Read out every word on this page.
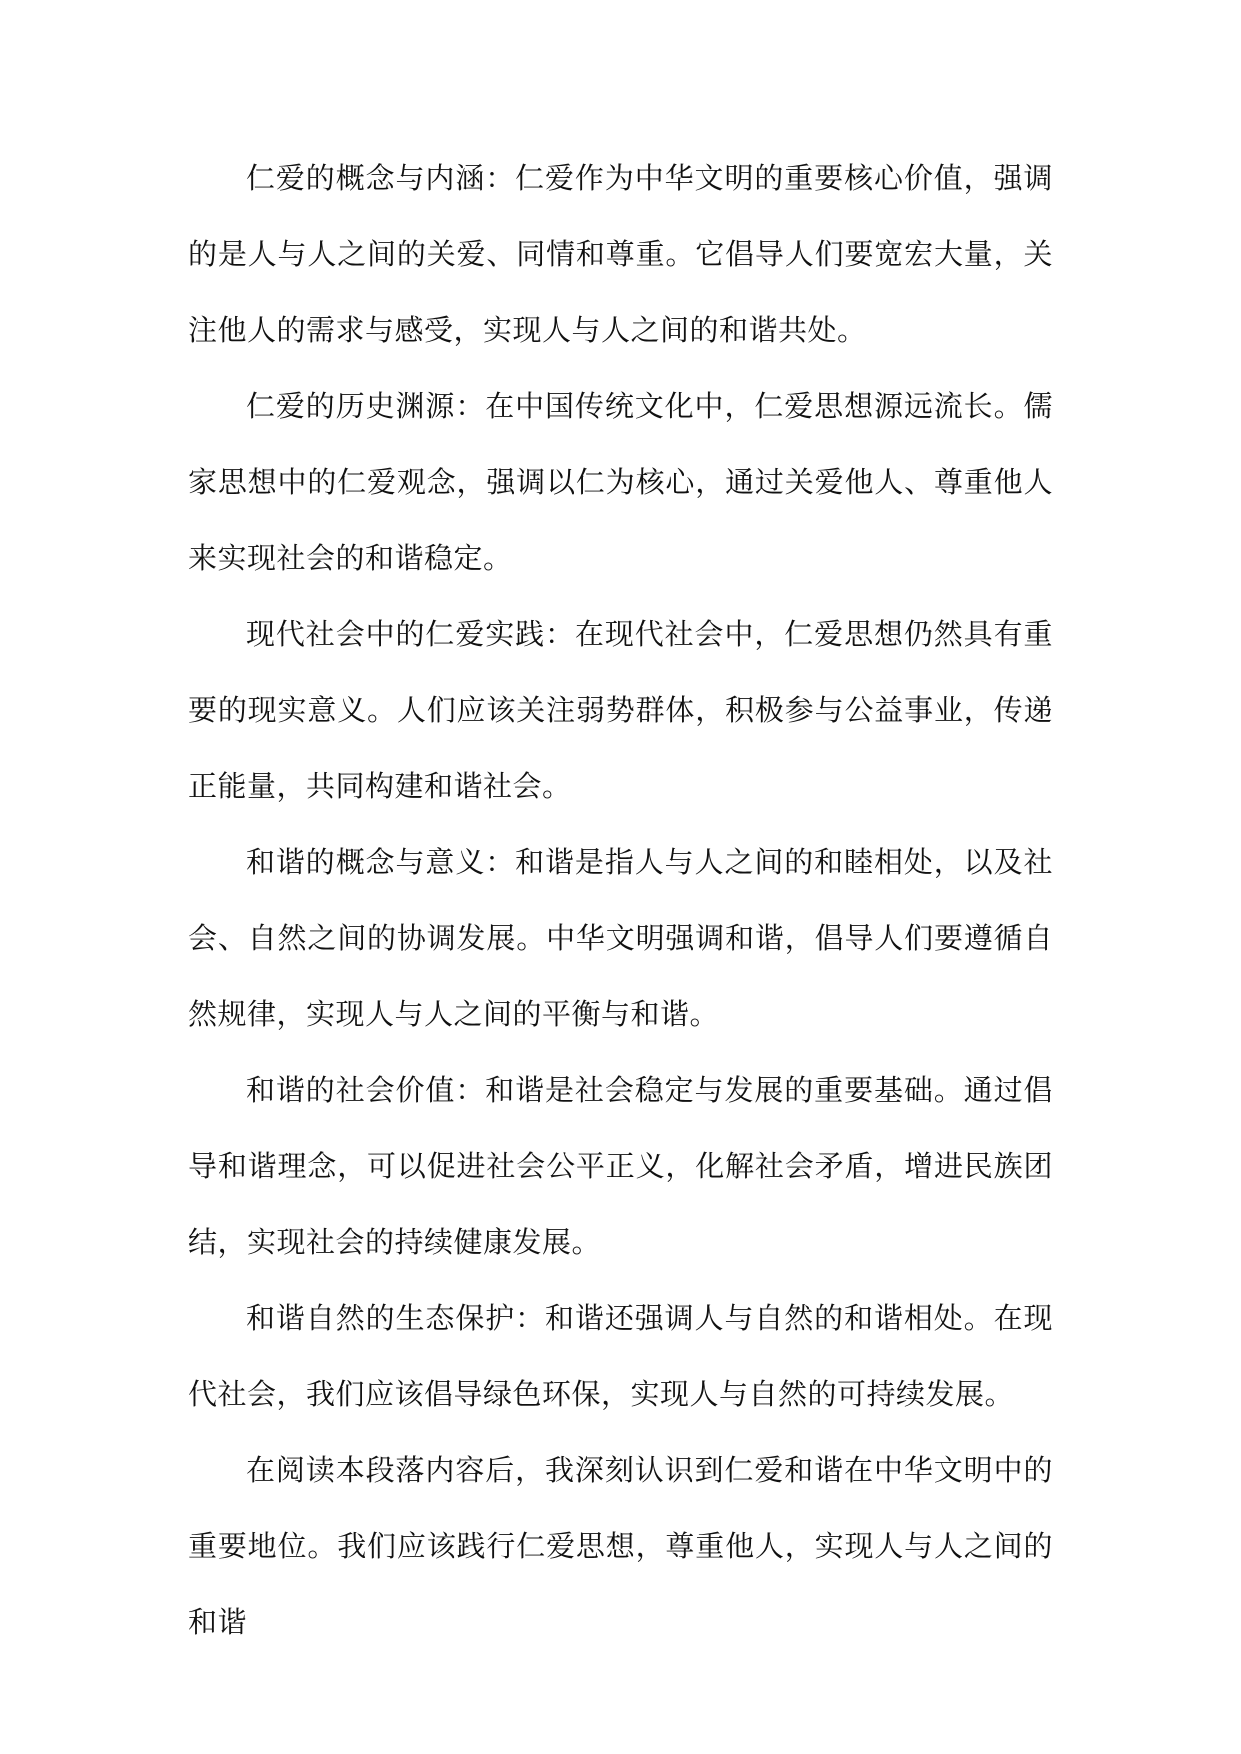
仁爱的概念与内涵：仁爱作为中华文明的重要核心价值，强调的是人与人之间的关爱、同情和尊重。它倡导人们要宽宏大量，关注他人的需求与感受，实现人与人之间的和谐共处。

仁爱的历史渊源：在中国传统文化中，仁爱思想源远流长。儒家思想中的仁爱观念，强调以仁为核心，通过关爱他人、尊重他人来实现社会的和谐稳定。

现代社会中的仁爱实践：在现代社会中，仁爱思想仍然具有重要的现实意义。人们应该关注弱势群体，积极参与公益事业，传递正能量，共同构建和谐社会。

和谐的概念与意义：和谐是指人与人之间的和睦相处，以及社会、自然之间的协调发展。中华文明强调和谐，倡导人们要遵循自然规律，实现人与人之间的平衡与和谐。

和谐的社会价值：和谐是社会稳定与发展的重要基础。通过倡导和谐理念，可以促进社会公平正义，化解社会矛盾，增进民族团结，实现社会的持续健康发展。

和谐自然的生态保护：和谐还强调人与自然的和谐相处。在现代社会，我们应该倡导绿色环保，实现人与自然的可持续发展。

在阅读本段落内容后，我深刻认识到仁爱和谐在中华文明中的重要地位。我们应该践行仁爱思想，尊重他人，实现人与人之间的和谐
